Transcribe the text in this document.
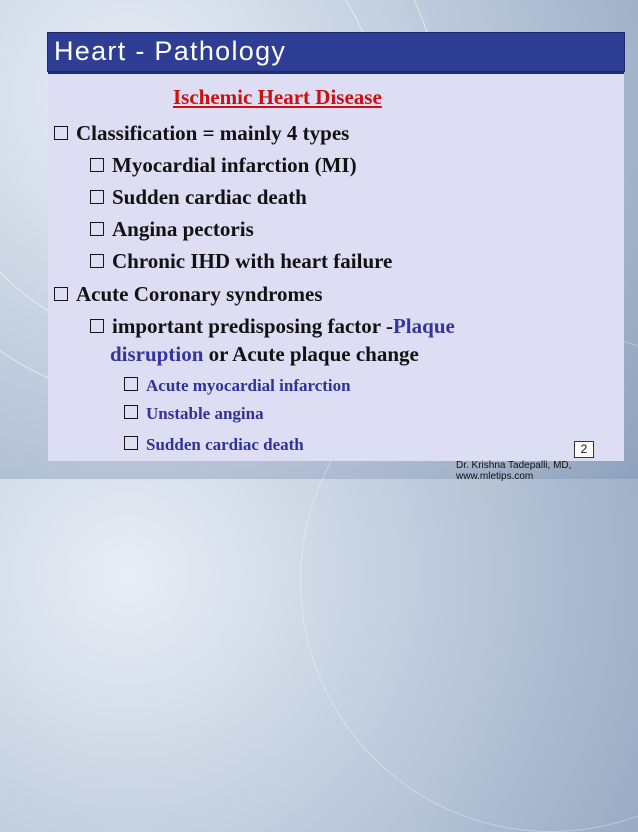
Heart - Pathology
Ischemic Heart Disease
Classification = mainly 4 types
Myocardial infarction (MI)
Sudden cardiac death
Angina pectoris
Chronic IHD with heart failure
Acute Coronary syndromes
important predisposing factor -Plaque
disruption or Acute plaque change
Acute myocardial infarction
Unstable angina
Sudden cardiac death	2
Dr. Krishna Tadepalli, MD, www.mletips.com
